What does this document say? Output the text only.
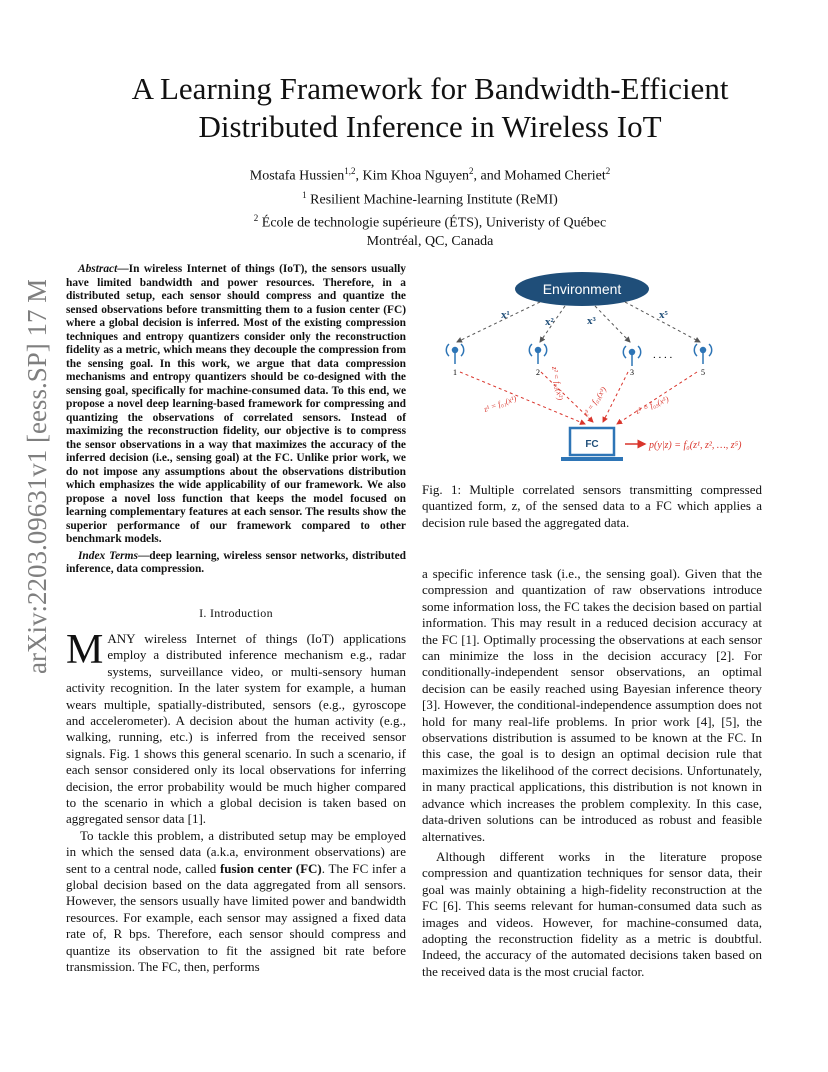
arXiv:2203.09631v1 [eess.SP] 17 Mar 2022
A Learning Framework for Bandwidth-Efficient Distributed Inference in Wireless IoT
Mostafa Hussien$^{1,2}$, Kim Khoa Nguyen$^2$, and Mohamed Cheriet$^2$
$^1$ Resilient Machine-learning Institute (ReMI)
$^2$ École de technologie supérieure (ÉTS), Univeristy of Québec
Montréal, QC, Canada

Abstract—In wireless Internet of things (IoT), the sensors usually have limited bandwidth and power resources. Therefore, in a distributed setup, each sensor should compress and quantize the sensed observations before transmitting them to a fusion center (FC) where a global decision is inferred. Most of the existing compression techniques and entropy quantizers consider only the reconstruction fidelity as a metric, which means they decouple the compression from the sensing goal. In this work, we argue that data compression mechanisms and entropy quantizers should be co-designed with the sensing goal, specifically for machine-consumed data. To this end, we propose a novel deep learning-based framework for compressing and quantizing the observations of correlated sensors. Instead of maximizing the reconstruction fidelity, our objective is to compress the sensor observations in a way that maximizes the accuracy of the inferred decision (i.e., sensing goal) at the FC. Unlike prior work, we do not impose any assumptions about the observations distribution which emphasizes the wide applicability of our framework. We also propose a novel loss function that keeps the model focused on learning complementary features at each sensor. The results show the superior performance of our framework compared to other benchmark models.

Index Terms—deep learning, wireless sensor networks, distributed inference, data compression.

I. Introduction

MANY wireless Internet of things (IoT) applications employ a distributed inference mechanism e.g., radar systems, surveillance video, or multi-sensory human activity recognition. In the later system for example, a human wears multiple, spatially-distributed, sensors (e.g., gyroscope and accelerometer). A decision about the human activity (e.g., walking, running, etc.) is inferred from the received sensor signals. Fig. 1 shows this general scenario. In such a scenario, if each sensor considered only its local observations for inferring decision, the error probability would be much higher compared to the scenario in which a global decision is taken based on aggregated sensor data [1].

To tackle this problem, a distributed setup may be employed in which the sensed data (a.k.a, environment observations) are sent to a central node, called fusion center (FC). The FC infer a global decision based on the data aggregated from all sensors. However, the sensors usually have limited power and bandwidth resources. For example, each sensor may assigned a fixed data rate of, R bps. Therefore, each sensor should compress and quantize its observation to fit the assigned bit rate before transmission. The FC, then, performs

Environment
x¹
x²	x³	x⁵
1	2	3	5
. . . .
z¹ = f₀₁(x¹)
z² = f₀₂(x²)
z³ = f₀₃(x³)	z⁵ = f₀₅(x⁵)
FC	p(y|z) = f₀(z¹, z², …, z⁵)
Fig. 1: Multiple correlated sensors transmitting compressed quantized form, z, of the sensed data to a FC which applies a decision rule based the aggregated data.

a specific inference task (i.e., the sensing goal). Given that the compression and quantization of raw observations introduce some information loss, the FC takes the decision based on partial information. This may result in a reduced decision accuracy at the FC [1]. Optimally processing the observations at each sensor can minimize the loss in the decision accuracy [2]. For conditionally-independent sensor observations, an optimal decision can be easily reached using Bayesian inference theory [3]. However, the conditional-independence assumption does not hold for many real-life problems. In prior work [4], [5], the observations distribution is assumed to be known at the FC. In this case, the goal is to design an optimal decision rule that maximizes the likelihood of the correct decisions. Unfortunately, in many practical applications, this distribution is not known in advance which increases the problem complexity. In this case, data-driven solutions can be introduced as robust and feasible alternatives.

Although different works in the literature propose compression and quantization techniques for sensor data, their goal was mainly obtaining a high-fidelity reconstruction at the FC [6]. This seems relevant for human-consumed data such as images and videos. However, for machine-consumed data, adopting the reconstruction fidelity as a metric is doubtful. Indeed, the accuracy of the automated decisions taken based on the received data is the most crucial factor.
